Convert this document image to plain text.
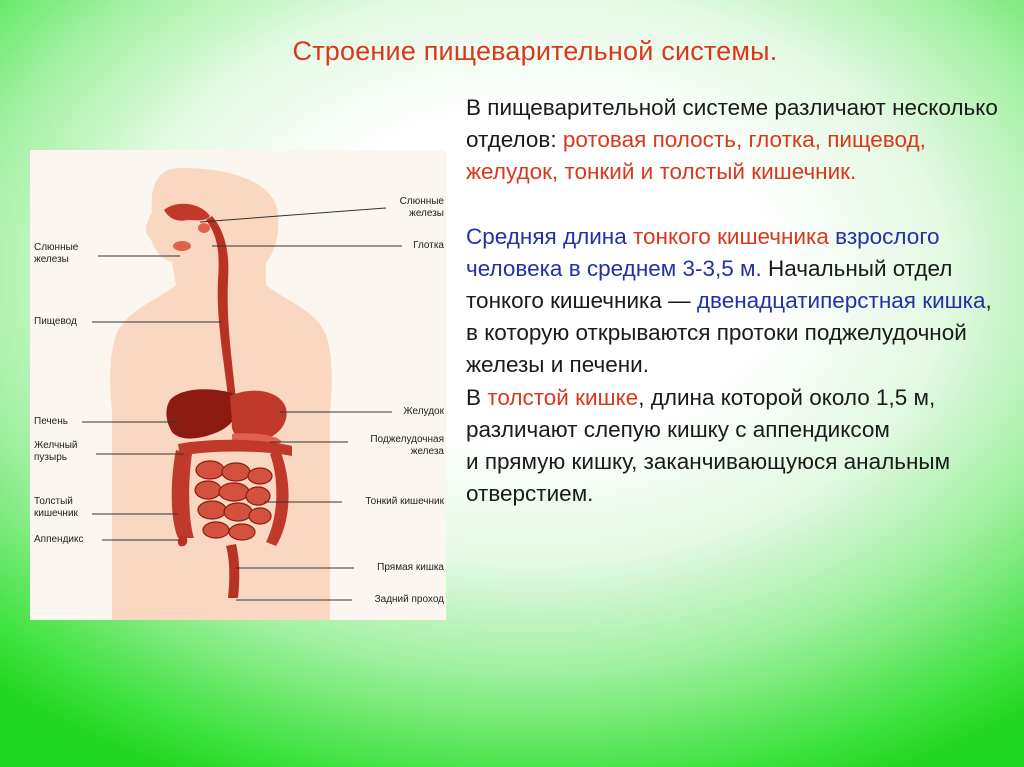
Строение пищеварительной системы.
Слюнные
железы
Глотка
Слюнные
железы
Пищевод
Печень
Желудок
Желчный
пузырь
Поджелудочная
железа
Толстый
кишечник
Тонкий кишечник
Аппендикс
Прямая кишка
Задний проход

В пищеварительной системе различают несколько отделов: ротовая полость, глотка, пищевод, желудок, тонкий и толстый кишечник.

Средняя длина тонкого кишечника взрослого человека в среднем 3-3,5 м. Начальный отдел тонкого кишечника — двенадцатиперстная кишка, в которую открываются протоки поджелудочной железы и печени.

В толстой кишке, длина которой около 1,5 м, различают слепую кишку с аппендиксом

и прямую кишку, заканчивающуюся анальным отверстием.
